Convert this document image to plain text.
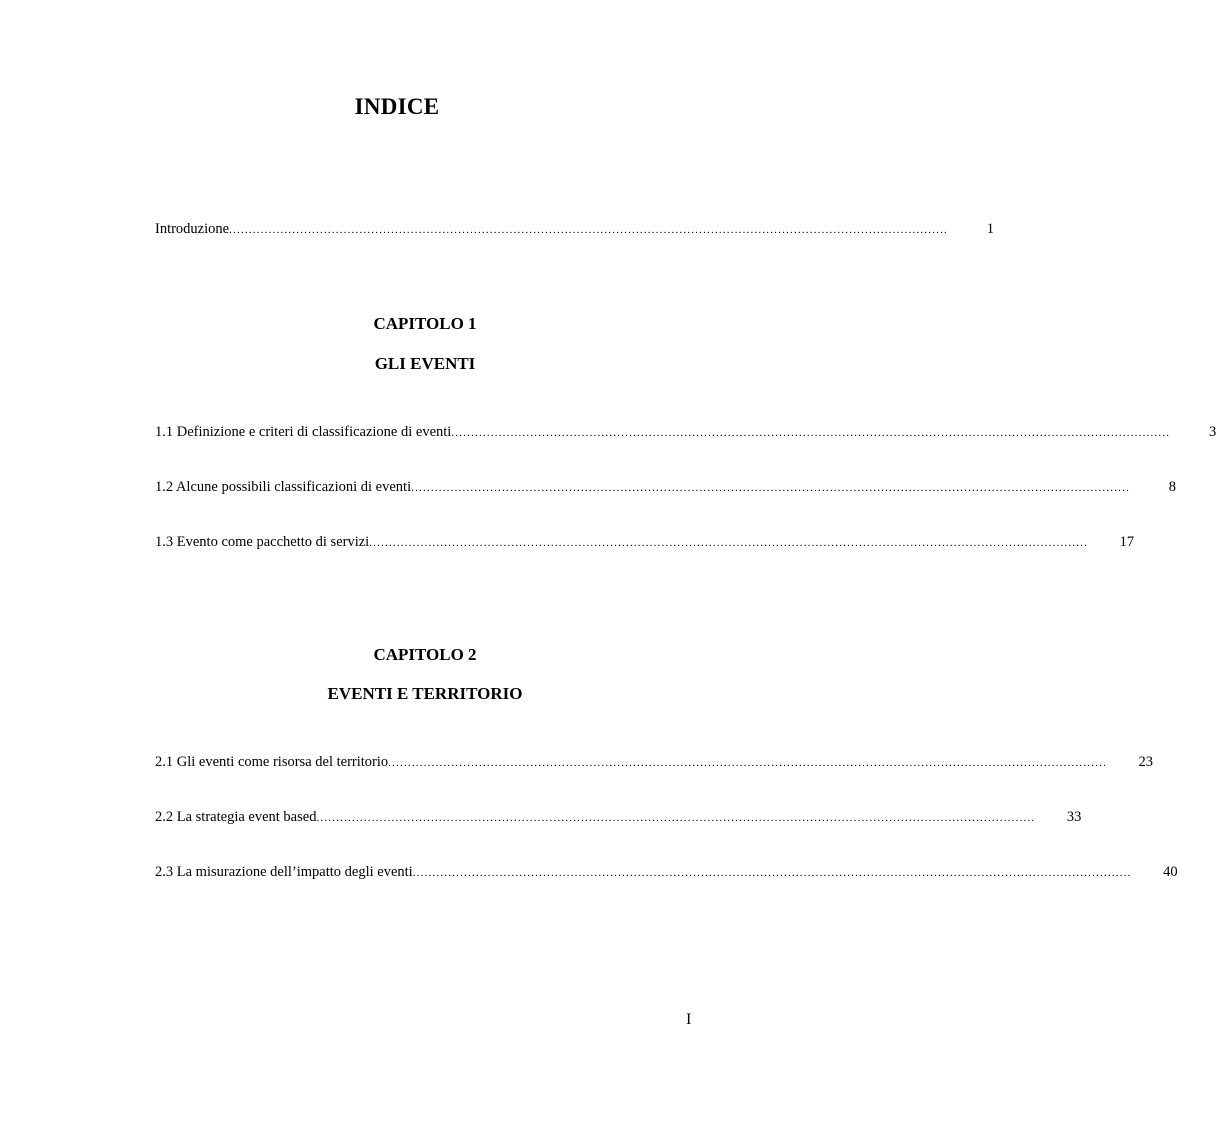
INDICE
Introduzione ......................................................................................................................................................................................	1
CAPITOLO 1
GLI EVENTI
1.1 Definizione e criteri di classificazione di eventi ......................................................................................................................................................................................	3
1.2 Alcune possibili classificazioni di eventi ......................................................................................................................................................................................	8
1.3 Evento come pacchetto di servizi ...................................................................................................................................................................................... 17
CAPITOLO 2
EVENTI E TERRITORIO
2.1 Gli eventi come risorsa del territorio ...................................................................................................................................................................................... 23
2.2 La strategia event based ...................................................................................................................................................................................... 33
2.3 La misurazione dell’impatto degli eventi ...................................................................................................................................................................................... 40
I
